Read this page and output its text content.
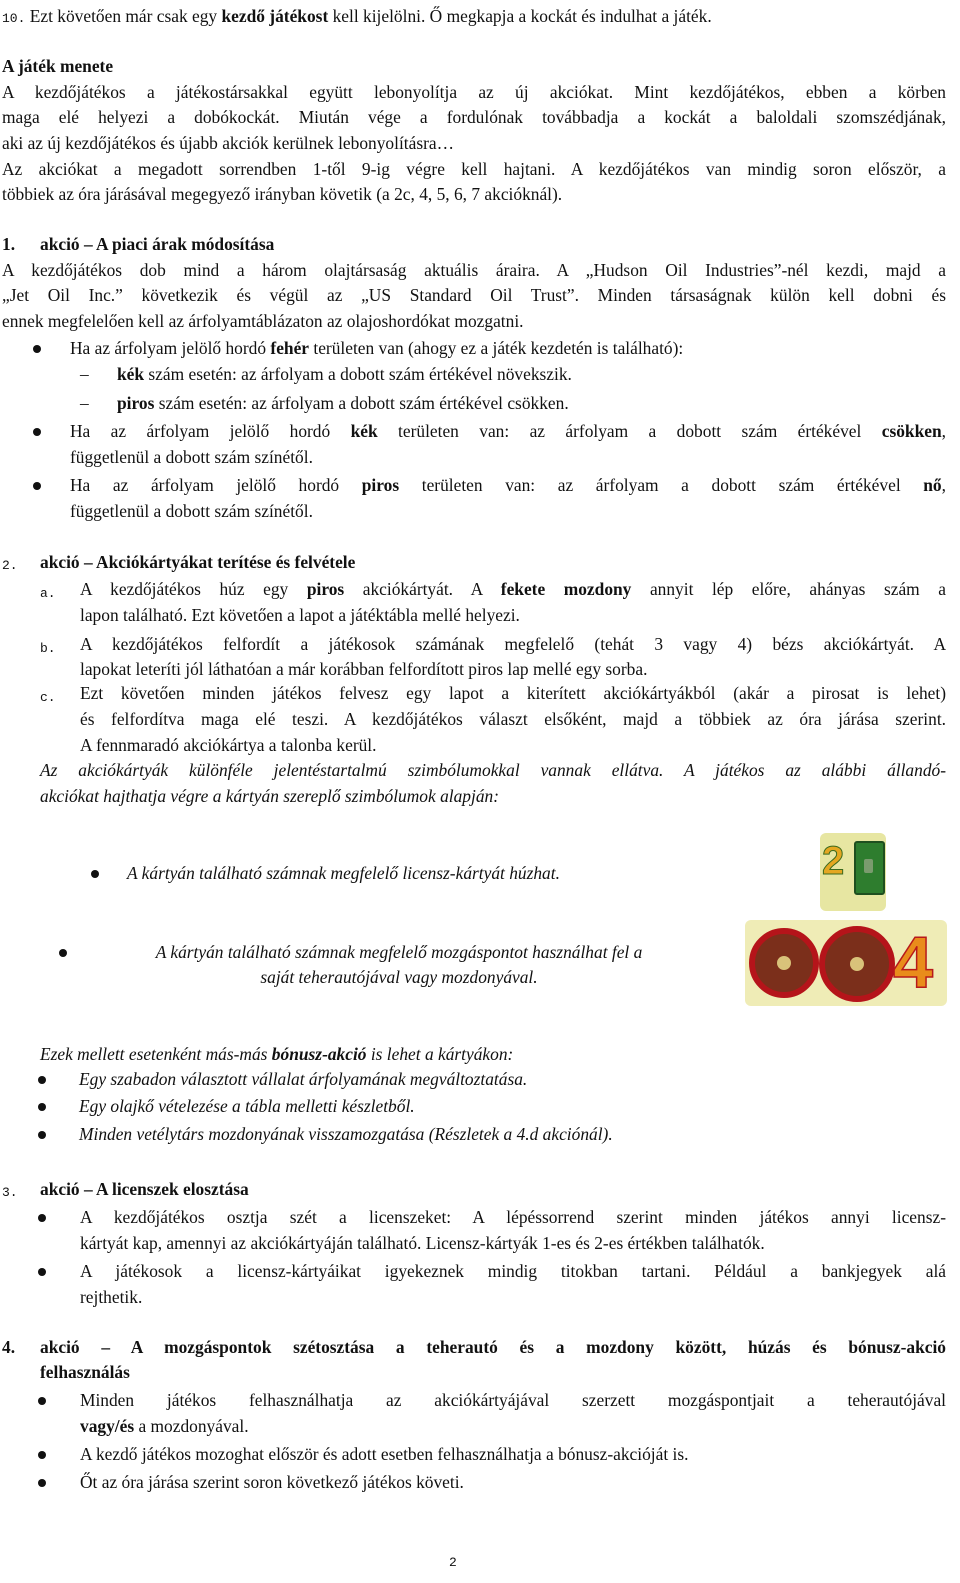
10. Ezt követően már csak egy kezdő játékost kell kijelölni. Ő megkapja a kockát és indulhat a játék.
A játék menete
A kezdőjátékos a játékostársakkal együtt lebonyolítja az új akciókat. Mint kezdőjátékos, ebben a körben
maga elé helyezi a dobókockát. Miután vége a fordulónak továbbadja a kockát a baloldali szomszédjának,
aki az új kezdőjátékos és újabb akciók kerülnek lebonyolításra…
Az akciókat a megadott sorrendben 1-től 9-ig végre kell hajtani. A kezdőjátékos van mindig soron először, a
többiek az óra járásával megegyező irányban követik (a 2c, 4, 5, 6, 7 akcióknál).
1. akció – A piaci árak módosítása
A kezdőjátékos dob mind a három olajtársaság aktuális áraira. A „Hudson Oil Industries”-nél kezdi, majd a
„Jet Oil Inc.” következik és végül az „US Standard Oil Trust”. Minden társaságnak külön kell dobni és
ennek megfelelően kell az árfolyamtáblázaton az olajoshordókat mozgatni.
Ha az árfolyam jelölő hordó fehér területen van (ahogy ez a játék kezdetén is található):
– kék szám esetén: az árfolyam a dobott szám értékével növekszik.
– piros szám esetén: az árfolyam a dobott szám értékével csökken.
Ha az árfolyam jelölő hordó kék területen van: az árfolyam a dobott szám értékével csökken,
függetlenül a dobott szám színétől.
Ha az árfolyam jelölő hordó piros területen van: az árfolyam a dobott szám értékével nő,
függetlenül a dobott szám színétől.
2. akció – Akciókártyákat terítése és felvétele
a. A kezdőjátékos húz egy piros akciókártyát. A fekete mozdony annyit lép előre, ahányas szám a
lapon található. Ezt követően a lapot a játéktábla mellé helyezi.
b. A kezdőjátékos felfordít a játékosok számának megfelelő (tehát 3 vagy 4) bézs akciókártyát. A
lapokat leteríti jól láthatóan a már korábban felfordított piros lap mellé egy sorba.
c. Ezt követően minden játékos felvesz egy lapot a kiterített akciókártyákból (akár a pirosat is lehet)
és felfordítva maga elé teszi. A kezdőjátékos választ elsőként, majd a többiek az óra járása szerint.
A fennmaradó akciókártya a talonba kerül.
Az akciókártyák különféle jelentéstartalmú szimbólumokkal vannak ellátva. A játékos az alábbi állandó-
akciókat hajthatja végre a kártyán szereplő szimbólumok alapján:
A kártyán található számnak megfelelő licensz-kártyát húzhat.	2
A kártyán található számnak megfelelő mozgáspontot használhat fel a
saját teherautójával vagy mozdonyával.	4
Ezek mellett esetenként más-más bónusz-akció is lehet a kártyákon:
Egy szabadon választott vállalat árfolyamának megváltoztatása.
Egy olajkő vételezése a tábla melletti készletből.
Minden vetélytárs mozdonyának visszamozgatása (Részletek a 4.d akciónál).
3. akció – A licenszek elosztása
A kezdőjátékos osztja szét a licenszeket: A lépéssorrend szerint minden játékos annyi licensz-
kártyát kap, amennyi az akciókártyáján található. Licensz-kártyák 1-es és 2-es értékben találhatók.
A játékosok a licensz-kártyáikat igyekeznek mindig titokban tartani. Például a bankjegyek alá
rejthetik.
4. akció – A mozgáspontok szétosztása a teherautó és a mozdony között, húzás és bónusz-akció
felhasználás
Minden játékos felhasználhatja az akciókártyájával szerzett mozgáspontjait a teherautójával
vagy/és a mozdonyával.
A kezdő játékos mozoghat először és adott esetben felhasználhatja a bónusz-akcióját is.
Őt az óra járása szerint soron következő játékos követi.
2
